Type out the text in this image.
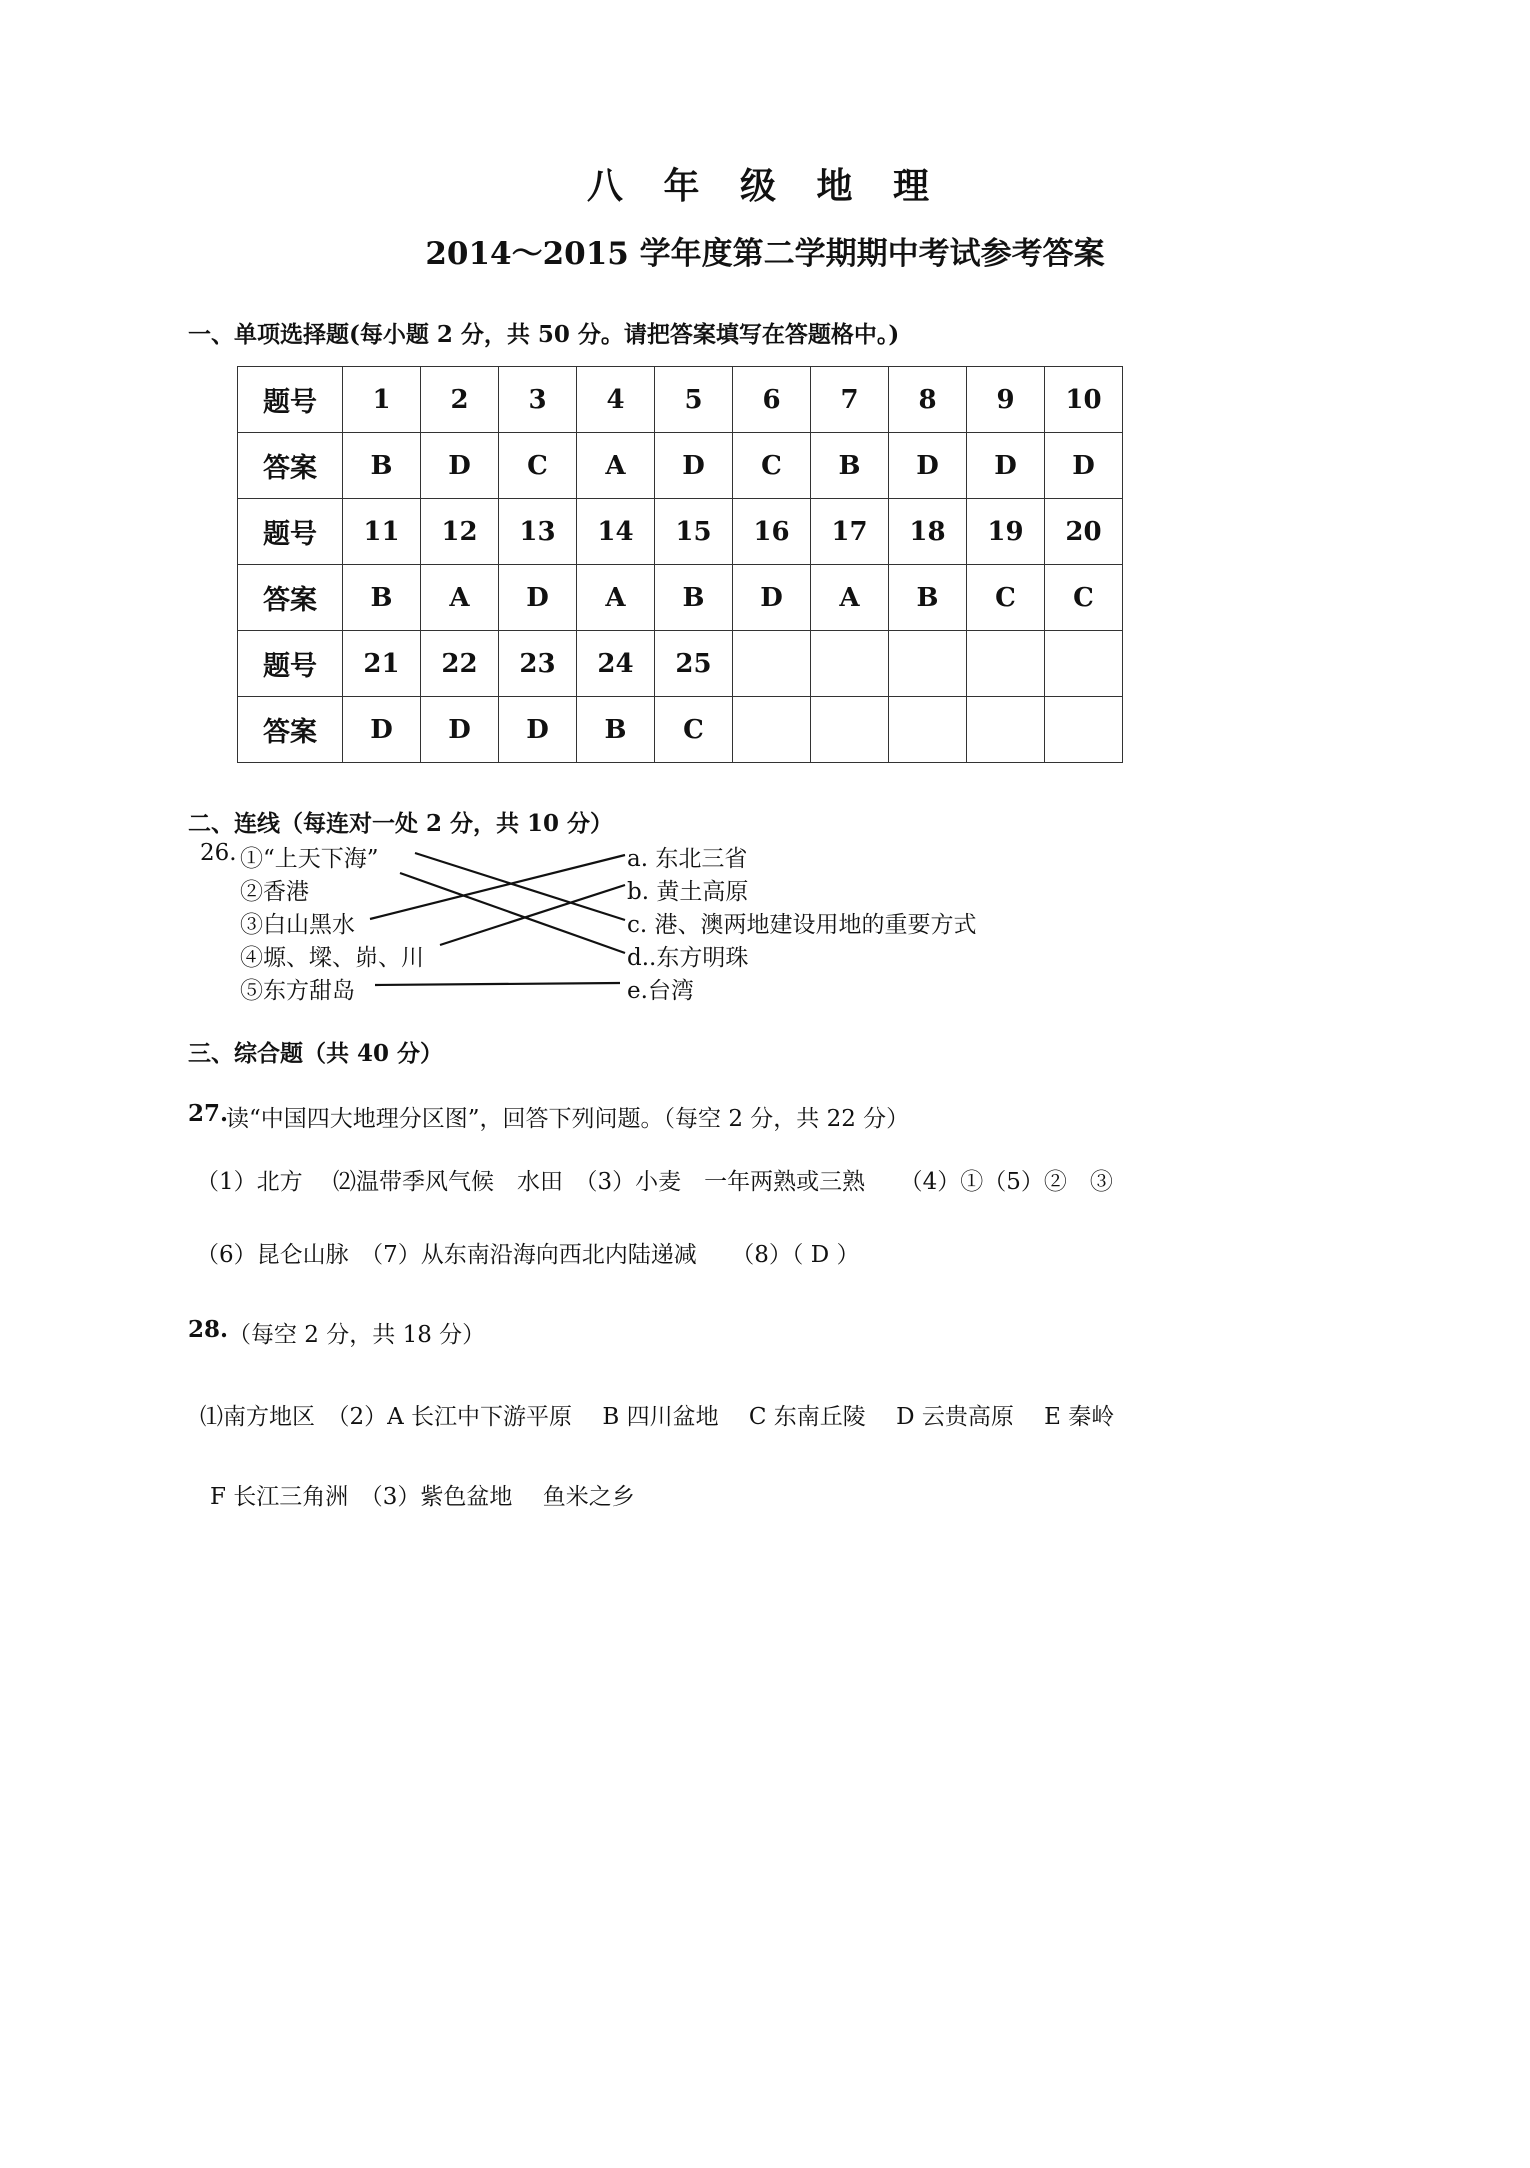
八 年 级 地 理
2014～2015 学年度第二学期期中考试参考答案
一、单项选择题(每小题 2 分，共 50 分。请把答案填写在答题格中。)
题号	1	2	3	4	5	6	7	8	9	10
答案	B	D	C	A	D	C	B	D	D	D
题号	11	12	13	14	15	16	17	18	19	20
答案	B	A	D	A	B	D	A	B	C	C
题号	21	22	23	24	25					
答案	D	D	D	B	C					
二、连线（每连对一处 2 分，共 10 分）
26. ①“上天下海”
②香港
③白山黑水
④塬、墚、峁、川
⑤东方甜岛
a. 东北三省
b. 黄土高原
c. 港、澳两地建设用地的重要方式
d..东方明珠
e.台湾
三、综合题（共 40 分）
27.
读“中国四大地理分区图”，回答下列问题。（每空 2 分，共 22 分）
（1）北方　 ⑵温带季风气候　水田　（3）小麦　一年两熟或三熟　　（4）①（5）②　③
（6）昆仑山脉　（7）从东南沿海向西北内陆递减　　（8）（ D ）
28. （每空 2 分，共 18 分）
⑴南方地区　（2）A 长江中下游平原　 B 四川盆地　 C 东南丘陵　 D 云贵高原　 E 秦岭
F 长江三角洲　（3）紫色盆地　 鱼米之乡
